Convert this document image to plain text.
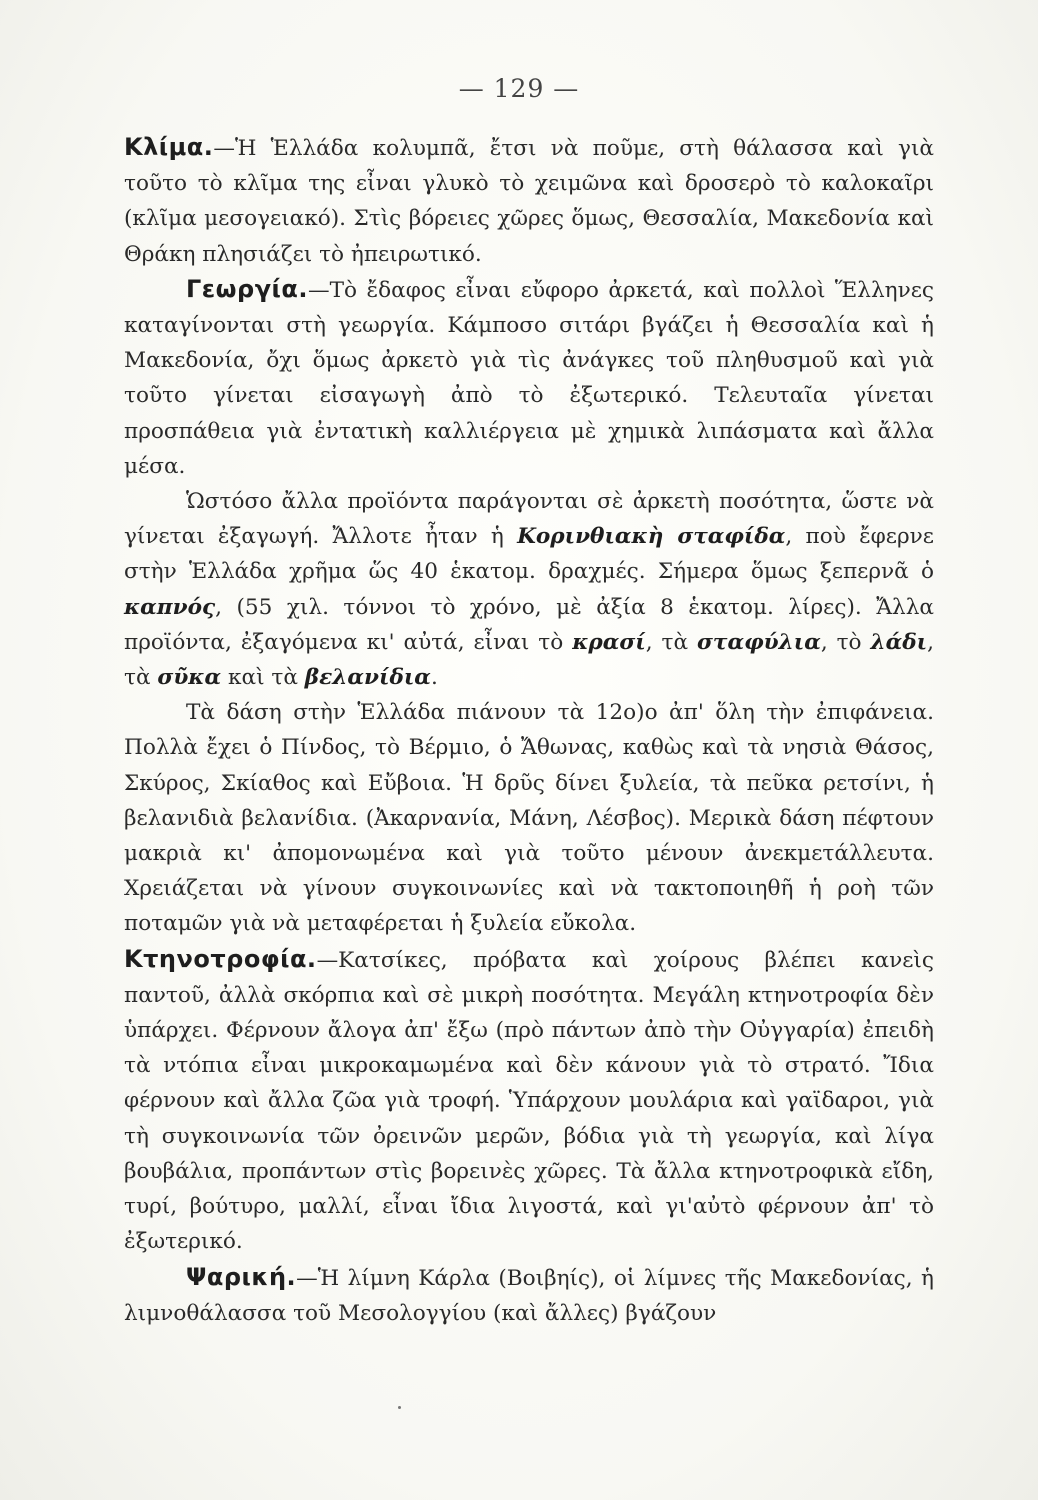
— 129 —

Κλίμα.—Ἡ Ἑλλάδα κολυμπᾶ, ἔτσι νὰ ποῦμε, στὴ θάλασσα καὶ γιὰ τοῦτο τὸ κλῖμα της εἶναι γλυκὸ τὸ χειμῶνα καὶ δροσερὸ τὸ καλοκαῖρι (κλῖμα μεσογειακό). Στὶς βόρειες χῶρες ὅμως, Θεσσαλία, Μακεδονία καὶ Θράκη πλησιάζει τὸ ἠπειρωτικό.

Γεωργία.—Τὸ ἔδαφος εἶναι εὔφορο ἀρκετά, καὶ πολλοὶ Ἕλληνες καταγίνονται στὴ γεωργία. Κάμποσο σιτάρι βγάζει ἡ Θεσσαλία καὶ ἡ Μακεδονία, ὄχι ὅμως ἀρκετὸ γιὰ τὶς ἀνάγκες τοῦ πληθυσμοῦ καὶ γιὰ τοῦτο γίνεται εἰσαγωγὴ ἀπὸ τὸ ἐξωτερικό. Τελευταῖα γίνεται προσπάθεια γιὰ ἐντατικὴ καλλιέργεια μὲ χημικὰ λιπάσματα καὶ ἄλλα μέσα.

Ὡστόσο ἄλλα προϊόντα παράγονται σὲ ἀρκετὴ ποσότητα, ὥστε νὰ γίνεται ἐξαγωγή. Ἄλλοτε ἦταν ἡ Κορινθιακὴ σταφίδα, ποὺ ἔφερνε στὴν Ἑλλάδα χρῆμα ὥς 40 ἑκατομ. δραχμές. Σήμερα ὅμως ξεπερνᾶ ὁ καπνός, (55 χιλ. τόννοι τὸ χρόνο, μὲ ἀξία 8 ἑκατομ. λίρες). Ἄλλα προϊόντα, ἐξαγόμενα κι' αὐτά, εἶναι τὸ κρασί, τὰ σταφύλια, τὸ λάδι, τὰ σῦκα καὶ τὰ βελανίδια.

Τὰ δάση στὴν Ἑλλάδα πιάνουν τὰ 12ο)ο ἀπ' ὅλη τὴν ἐπιφάνεια. Πολλὰ ἔχει ὁ Πίνδος, τὸ Βέρμιο, ὁ Ἄθωνας, καθὼς καὶ τὰ νησιὰ Θάσος, Σκύρος, Σκίαθος καὶ Εὔβοια. Ἡ δρῦς δίνει ξυλεία, τὰ πεῦκα ρετσίνι, ἡ βελανιδιὰ βελανίδια. (Ἀκαρνανία, Μάνη, Λέσβος). Μερικὰ δάση πέφτουν μακριὰ κι' ἀπομονωμένα καὶ γιὰ τοῦτο μένουν ἀνεκμετάλλευτα. Χρειάζεται νὰ γίνουν συγκοινωνίες καὶ νὰ τακτοποιηθῆ ἡ ροὴ τῶν ποταμῶν γιὰ νὰ μεταφέρεται ἡ ξυλεία εὔκολα.

Κτηνοτροφία.—Κατσίκες, πρόβατα καὶ χοίρους βλέπει κανεὶς παντοῦ, ἀλλὰ σκόρπια καὶ σὲ μικρὴ ποσότητα. Μεγάλη κτηνοτροφία δὲν ὑπάρχει. Φέρνουν ἄλογα ἀπ' ἔξω (πρὸ πάντων ἀπὸ τὴν Οὐγγαρία) ἐπειδὴ τὰ ντόπια εἶναι μικροκαμωμένα καὶ δὲν κάνουν γιὰ τὸ στρατό. Ἴδια φέρνουν καὶ ἄλλα ζῶα γιὰ τροφή. Ὑπάρχουν μουλάρια καὶ γαϊδαροι, γιὰ τὴ συγκοινωνία τῶν ὀρεινῶν μερῶν, βόδια γιὰ τὴ γεωργία, καὶ λίγα βουβάλια, προπάντων στὶς βορεινὲς χῶρες. Τὰ ἄλλα κτηνοτροφικὰ εἴδη, τυρί, βούτυρο, μαλλί, εἶναι ἴδια λιγοστά, καὶ γι'αὐτὸ φέρνουν ἀπ' τὸ ἐξωτερικό.

Ψαρική.—Ἡ λίμνη Κάρλα (Βοιβηίς), οἱ λίμνες τῆς Μακεδονίας, ἡ λιμνοθάλασσα τοῦ Μεσολογγίου (καὶ ἄλλες) βγάζουν
